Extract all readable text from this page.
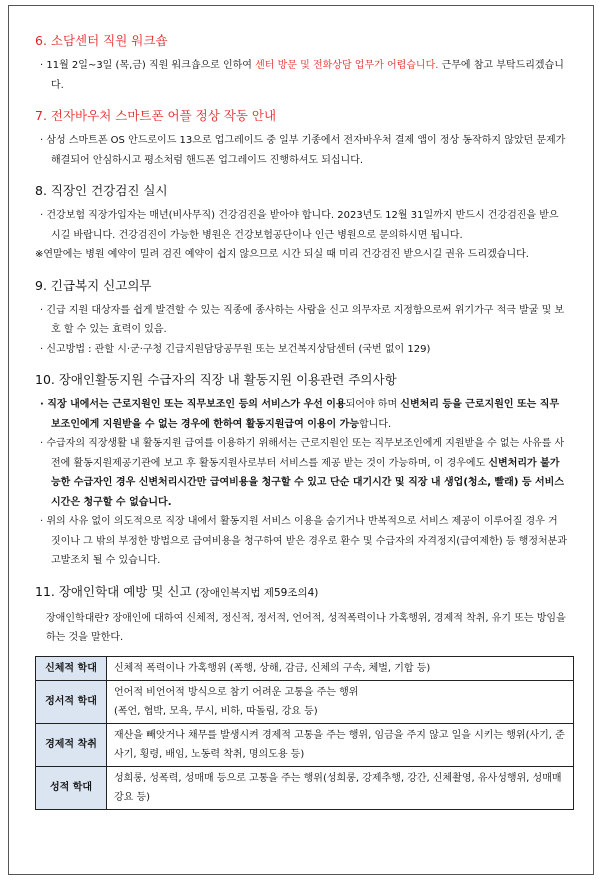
6. 소담센터 직원 워크숍

· 11월 2일~3일 (목,금) 직원 워크숍으로 인하여 센터 방문 및 전화상담 업무가 어렵습니다. 근무에 참고 부탁드리겠습니다.

7. 전자바우처 스마트폰 어플 정상 작동 안내

· 삼성 스마트폰 OS 안드로이드 13으로 업그레이드 중 일부 기종에서 전자바우처 결제 앱이 정상 동작하지 않았던 문제가 해결되어 안심하시고 평소처럼 핸드폰 업그레이드 진행하셔도 되십니다.

8. 직장인 건강검진 실시

· 건강보험 직장가입자는 매년(비사무직) 건강검진을 받아야 합니다. 2023년도 12월 31일까지 반드시 건강검진을 받으시길 바랍니다. 건강검진이 가능한 병원은 건강보험공단이나 인근 병원으로 문의하시면 됩니다.

※연말에는 병원 예약이 밀려 검진 예약이 쉽지 않으므로 시간 되실 때 미리 건강검진 받으시길 권유 드리겠습니다.

9. 긴급복지 신고의무

· 긴급 지원 대상자를 쉽게 발견할 수 있는 직종에 종사하는 사람을 신고 의무자로 지정함으로써 위기가구 적극 발굴 및 보호 할 수 있는 효력이 있음.

· 신고방법 : 관할 시·군·구청 긴급지원담당공무원 또는 보건복지상담센터 (국번 없이 129)

10. 장애인활동지원 수급자의 직장 내 활동지원 이용관련 주의사항

· 직장 내에서는 근로지원인 또는 직무보조인 등의 서비스가 우선 이용되어야 하며 신변처리 등을 근로지원인 또는 직무보조인에게 지원받을 수 없는 경우에 한하여 활동지원급여 이용이 가능합니다.

· 수급자의 직장생활 내 활동지원 급여를 이용하기 위해서는 근로지원인 또는 직무보조인에게 지원받을 수 없는 사유를 사전에 활동지원제공기관에 보고 후 활동지원사로부터 서비스를 제공 받는 것이 가능하며, 이 경우에도 신변처리가 불가능한 수급자인 경우 신변처리시간만 급여비용을 청구할 수 있고 단순 대기시간 및 직장 내 생업(청소, 빨래) 등 서비스 시간은 청구할 수 없습니다.

· 위의 사유 없이 의도적으로 직장 내에서 활동지원 서비스 이용을 숨기거나 반복적으로 서비스 제공이 이루어질 경우 거짓이나 그 밖의 부정한 방법으로 급여비용을 청구하여 받은 경우로 환수 및 수급자의 자격정지(급여제한) 등 행정처분과 고발조치 될 수 있습니다.

11. 장애인학대 예방 및 신고 (장애인복지법 제59조의4)

장애인학대란? 장애인에 대하여 신체적, 정신적, 정서적, 언어적, 성적폭력이나 가혹행위, 경제적 착취, 유기 또는 방임을 하는 것을 말한다.

신체적 학대	신체적 폭력이나 가혹행위 (폭행, 상해, 감금, 신체의 구속, 체벌, 기합 등)
정서적 학대	언어적 비언어적 방식으로 참기 어려운 고통을 주는 행위
(폭언, 협박, 모욕, 무시, 비하, 따돌림, 강요 등)
경제적 착취	재산을 빼앗거나 채무를 발생시켜 경제적 고통을 주는 행위, 임금을 주지 않고 일을 시키는 행위(사기, 준사기, 횡령, 배임, 노동력 착취, 명의도용 등)
성적 학대	성희롱, 성폭력, 성매매 등으로 고통을 주는 행위(성희롱, 강제추행, 강간, 신체촬영, 유사성행위, 성매매 강요 등)
